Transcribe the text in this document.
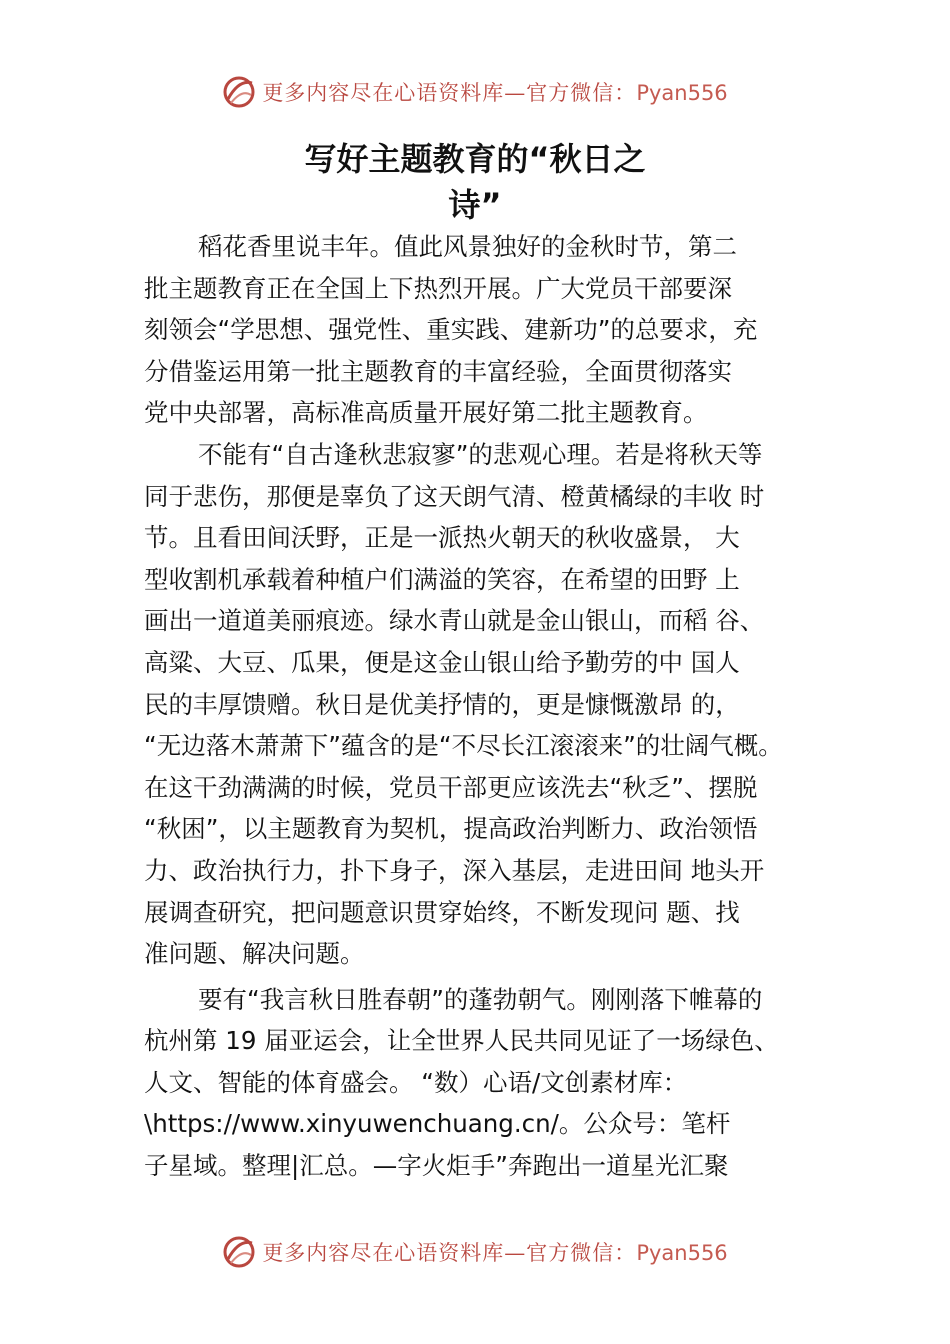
更多内容尽在心语资料库—官方微信：Pyan556
写好主题教育的“秋日之
诗”
稻花香里说丰年。值此风景独好的金秋时节，第二
批主题教育正在全国上下热烈开展。广大党员干部要深
刻领会“学思想、强党性、重实践、建新功”的总要求，充
分借鉴运用第一批主题教育的丰富经验，全面贯彻落实
党中央部署，高标准高质量开展好第二批主题教育。
不能有“自古逢秋悲寂寥”的悲观心理。若是将秋天等
同于悲伤，那便是辜负了这天朗气清、橙黄橘绿的丰收 时
节。且看田间沃野，正是一派热火朝天的秋收盛景， 大
型收割机承载着种植户们满溢的笑容，在希望的田野 上
画出一道道美丽痕迹。绿水青山就是金山银山，而稻 谷、
高粱、大豆、瓜果，便是这金山银山给予勤劳的中 国人
民的丰厚馈赠。秋日是优美抒情的，更是慷慨激昂 的，
“无边落木萧萧下”蕴含的是“不尽长江滚滚来”的壮阔气概。
在这干劲满满的时候，党员干部更应该洗去“秋乏”、摆脱
“秋困”，以主题教育为契机，提高政治判断力、政治领悟
力、政治执行力，扑下身子，深入基层，走进田间 地头开
展调查研究，把问题意识贯穿始终，不断发现问 题、找
准问题、解决问题。
要有“我言秋日胜春朝”的蓬勃朝气。刚刚落下帷幕的
杭州第 19 届亚运会，让全世界人民共同见证了一场绿色、
人文、智能的体育盛会。 “数）心语/文创素材库：
\https://www.xinyuwenchuang.cn/。公众号：笔杆
子星域。整理|汇总。—字火炬手”奔跑出一道星光汇聚
更多内容尽在心语资料库—官方微信：Pyan556
